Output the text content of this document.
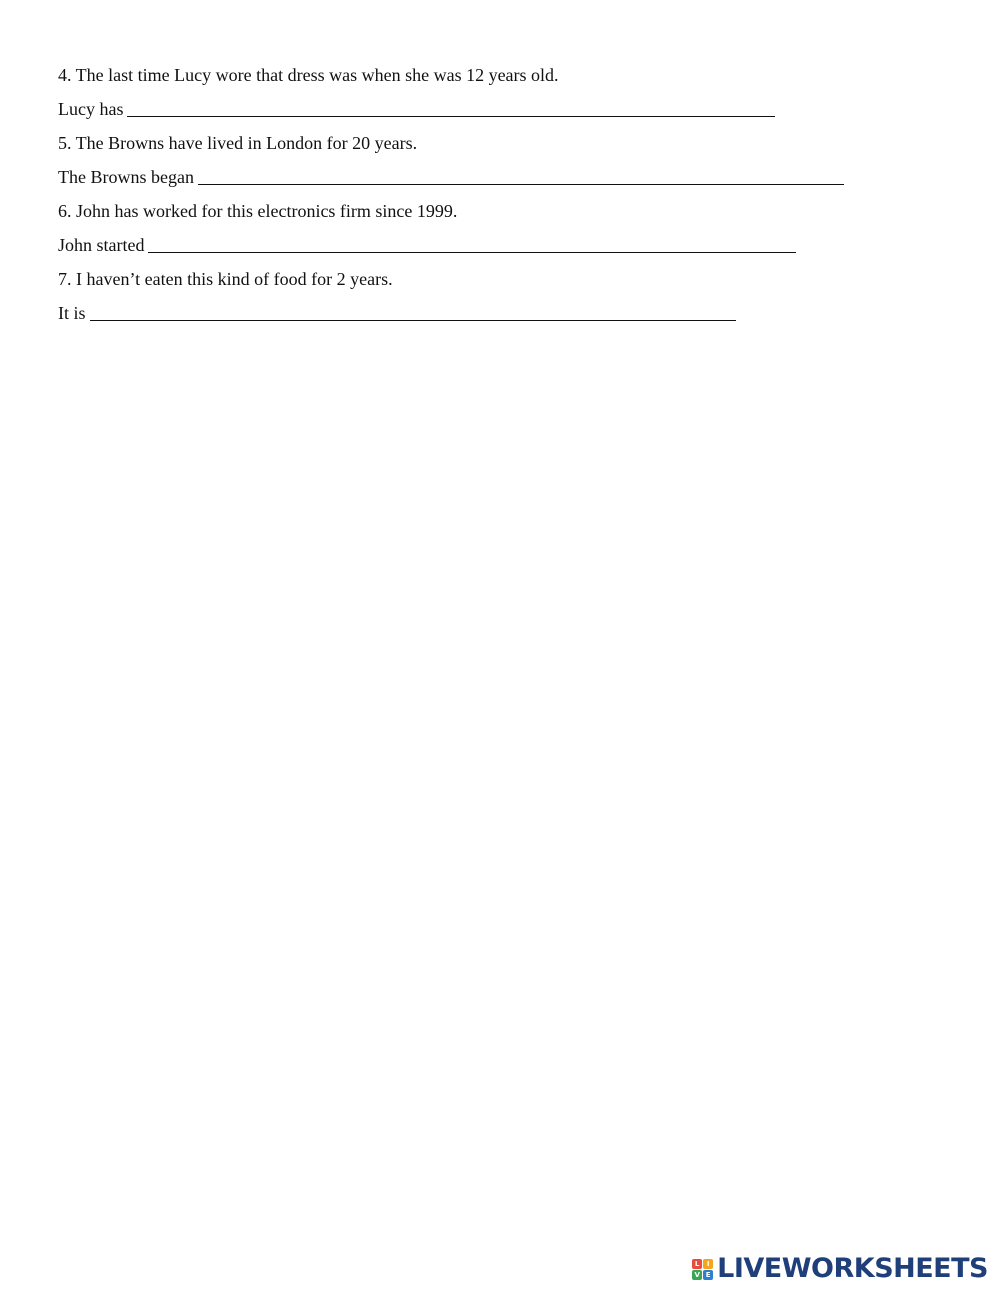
4. The last time Lucy wore that dress was when she was 12 years old.
Lucy has
5. The Browns have lived in London for 20 years.
The Browns began
6. John has worked for this electronics firm since 1999.
John started
7. I haven’t eaten this kind of food for 2 years.
It is
L	I
V E LIVEWORKSHEETS
